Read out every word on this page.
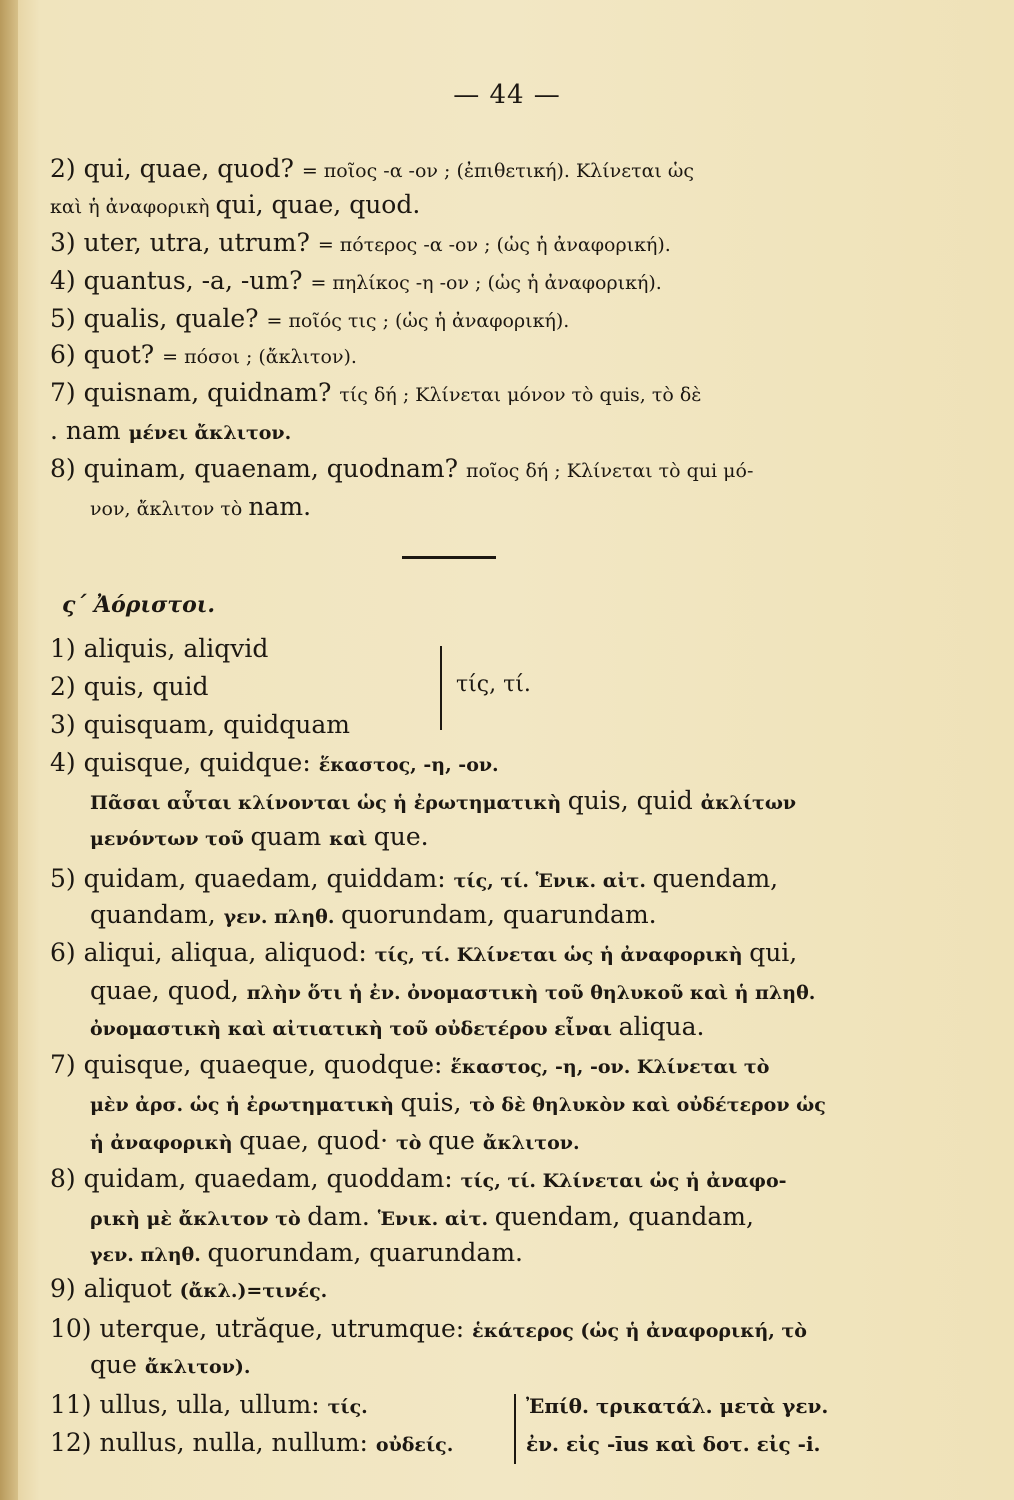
— 44 —
2) qui, quae, quod? = ποῖος -α -ον ; (ἐπιθετική). Κλίνεται ὡς
καὶ ἡ ἀναφορικὴ qui, quae, quod.
3) uter, utra, utrum? = πότερος -α -ον ; (ὡς ἡ ἀναφορική).
4) quantus, -a, -um? = πηλίκος -η -ον ; (ὡς ἡ ἀναφορική).
5) qualis, quale? = ποῖός τις ; (ὡς ἡ ἀναφορική).
6) quot? = πόσοι ; (ἄκλιτον).
7) quisnam, quidnam? τίς δή ; Κλίνεται μόνον τὸ quis, τὸ δὲ
. nam μένει ἄκλιτον.
8) quinam, quaenam, quodnam? ποῖος δή ; Κλίνεται τὸ qui μό-
νον, ἄκλιτον τὸ nam.
ς΄ Ἀόριστοι.
1) aliquis, aliqvid
2) quis, quid
3) quisquam, quidquam
τίς, τί.
4) quisque, quidque: ἕκαστος, -η, -ον.
Πᾶσαι αὗται κλίνονται ὡς ἡ ἐρωτηματικὴ quis, quid ἀκλίτων
μενόντων τοῦ quam καὶ que.
5) quidam, quaedam, quiddam: τίς, τί. Ἑνικ. αἰτ. quendam,
quandam, γεν. πληθ. quorundam, quarundam.
6) aliqui, aliqua, aliquod: τίς, τί. Κλίνεται ὡς ἡ ἀναφορικὴ qui,
quae, quod, πλὴν ὅτι ἡ ἐν. ὀνομαστικὴ τοῦ θηλυκοῦ καὶ ἡ πληθ.
ὀνομαστικὴ καὶ αἰτιατικὴ τοῦ οὐδετέρου εἶναι aliqua.
7) quisque, quaeque, quodque: ἕκαστος, -η, -ον. Κλίνεται τὸ
μὲν ἀρσ. ὡς ἡ ἐρωτηματικὴ quis, τὸ δὲ θηλυκὸν καὶ οὐδέτερον ὡς
ἡ ἀναφορικὴ quae, quod· τὸ que ἄκλιτον.
8) quidam, quaedam, quoddam: τίς, τί. Κλίνεται ὡς ἡ ἀναφο-
ρικὴ μὲ ἄκλιτον τὸ dam. Ἑνικ. αἰτ. quendam, quandam,
γεν. πληθ. quorundam, quarundam.
9) aliquot (ἄκλ.)=τινές.
10) uterque, utrăque, utrumque: ἑκάτερος (ὡς ἡ ἀναφορική, τὸ
que ἄκλιτον).
11) ullus, ulla, ullum: τίς.
12) nullus, nulla, nullum: οὐδείς.
Ἐπίθ. τρικατάλ. μετὰ γεν.
ἐν. εἰς -īus καὶ δοτ. εἰς -i.
